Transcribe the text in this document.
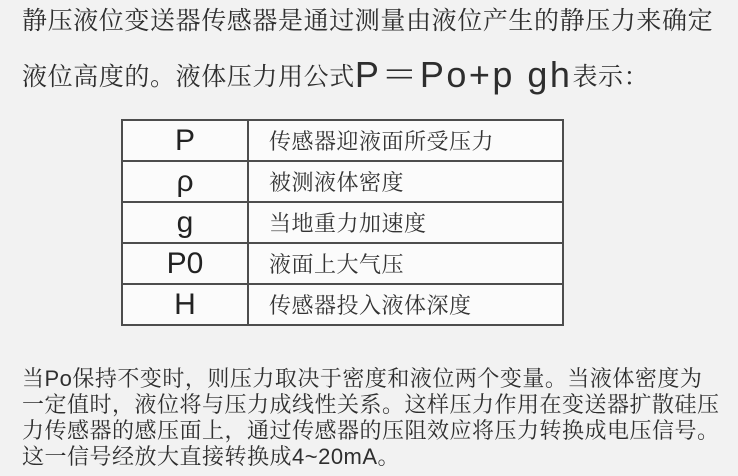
静压液位变送器传感器是通过测量由液位产生的静压力来确定
液位高度的。液体压力用公式P＝Po+p gh表示：
P	传感器迎液面所受压力
ρ	被测液体密度
g	当地重力加速度
P0	液面上大气压
H	传感器投入液体深度
当Po保持不变时，则压力取决于密度和液位两个变量。当液体密度为
一定值时，液位将与压力成线性关系。这样压力作用在变送器扩散硅压
力传感器的感压面上，通过传感器的压阻效应将压力转换成电压信号。
这一信号经放大直接转换成4~20mA。
